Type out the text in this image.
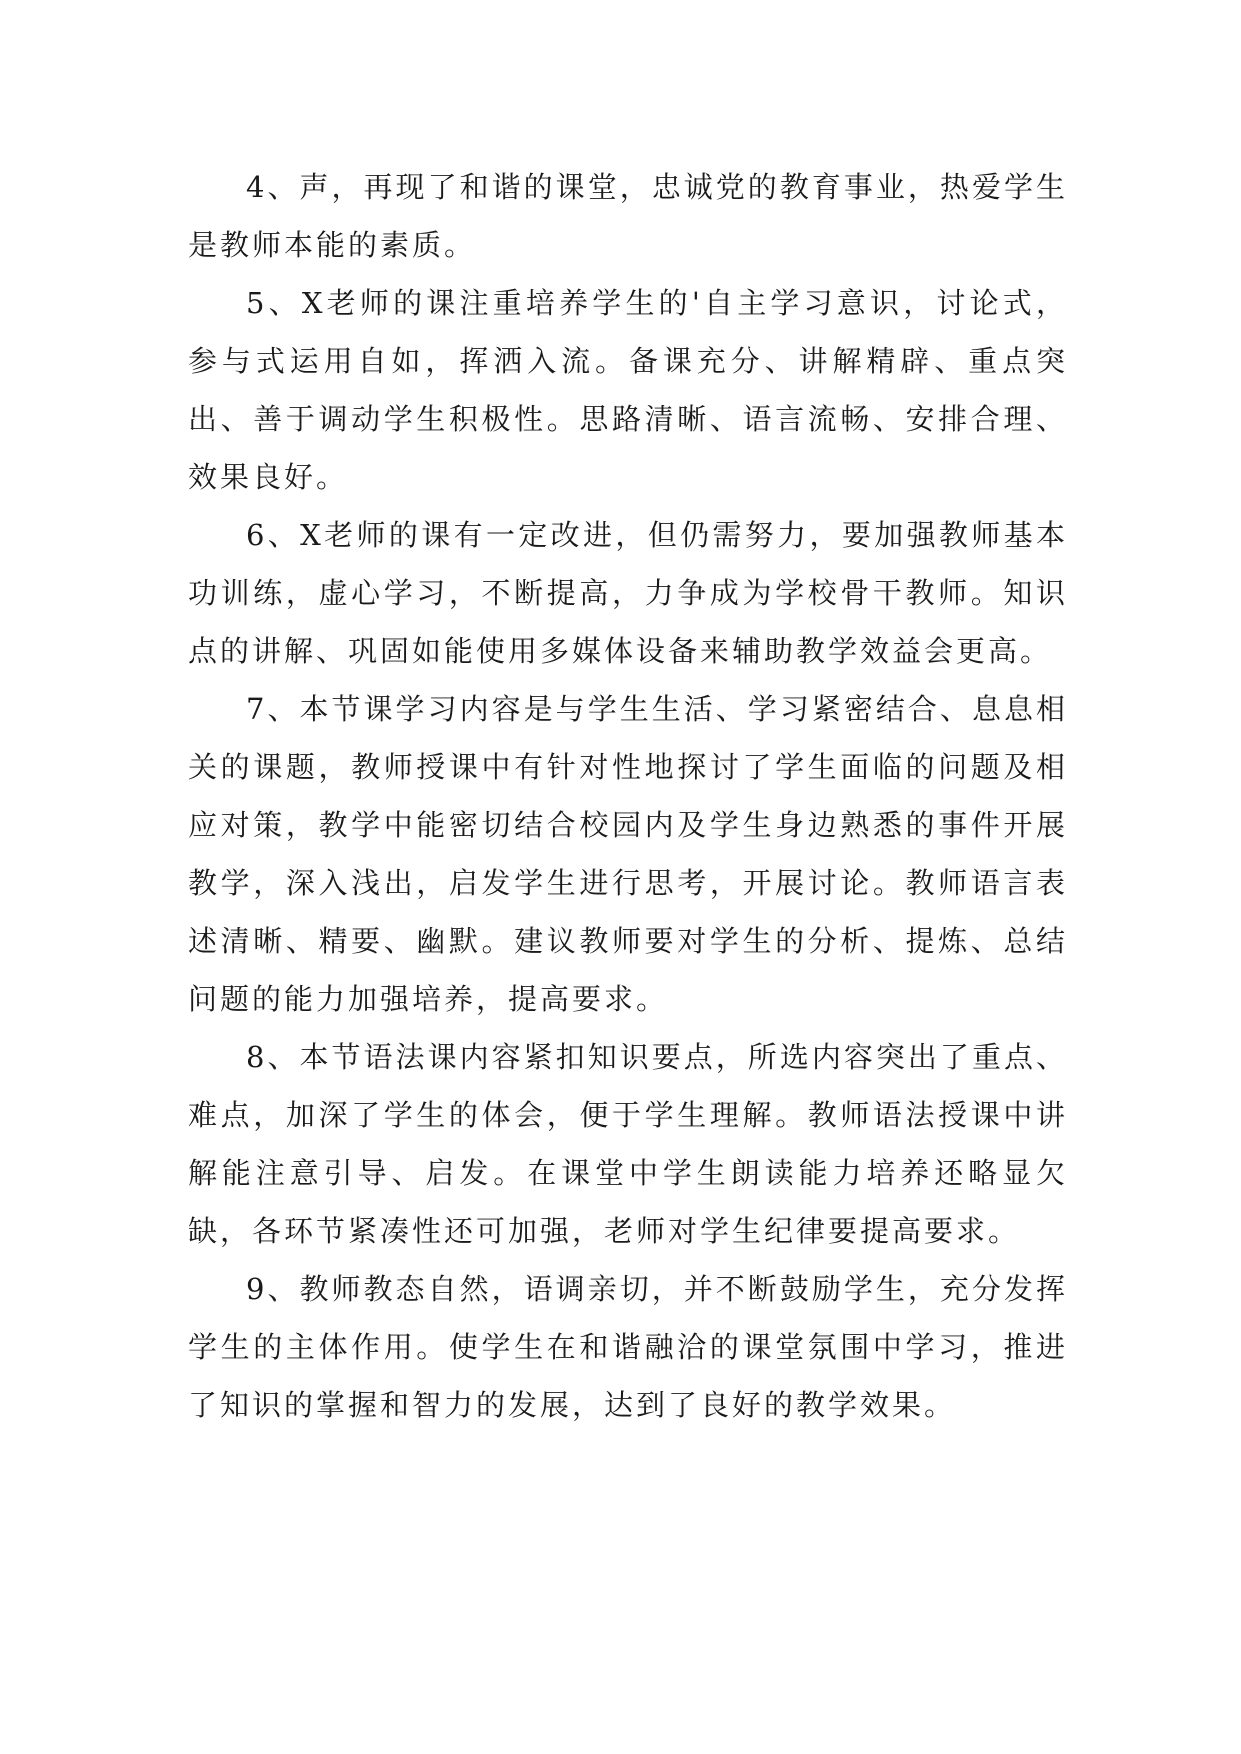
4、声，再现了和谐的课堂，忠诚党的教育事业，热爱学生是教师本能的素质。

5、X老师的课注重培养学生的'自主学习意识，讨论式，参与式运用自如，挥洒入流。备课充分、讲解精辟、重点突出、善于调动学生积极性。思路清晰、语言流畅、安排合理、效果良好。

6、X老师的课有一定改进，但仍需努力，要加强教师基本功训练，虚心学习，不断提高，力争成为学校骨干教师。知识点的讲解、巩固如能使用多媒体设备来辅助教学效益会更高。

7、本节课学习内容是与学生生活、学习紧密结合、息息相关的课题，教师授课中有针对性地探讨了学生面临的问题及相应对策，教学中能密切结合校园内及学生身边熟悉的事件开展教学，深入浅出，启发学生进行思考，开展讨论。教师语言表述清晰、精要、幽默。建议教师要对学生的分析、提炼、总结问题的能力加强培养，提高要求。

8、本节语法课内容紧扣知识要点，所选内容突出了重点、难点，加深了学生的体会，便于学生理解。教师语法授课中讲解能注意引导、启发。在课堂中学生朗读能力培养还略显欠缺，各环节紧凑性还可加强，老师对学生纪律要提高要求。

9、教师教态自然，语调亲切，并不断鼓励学生，充分发挥学生的主体作用。使学生在和谐融洽的课堂氛围中学习，推进了知识的掌握和智力的发展，达到了良好的教学效果。
